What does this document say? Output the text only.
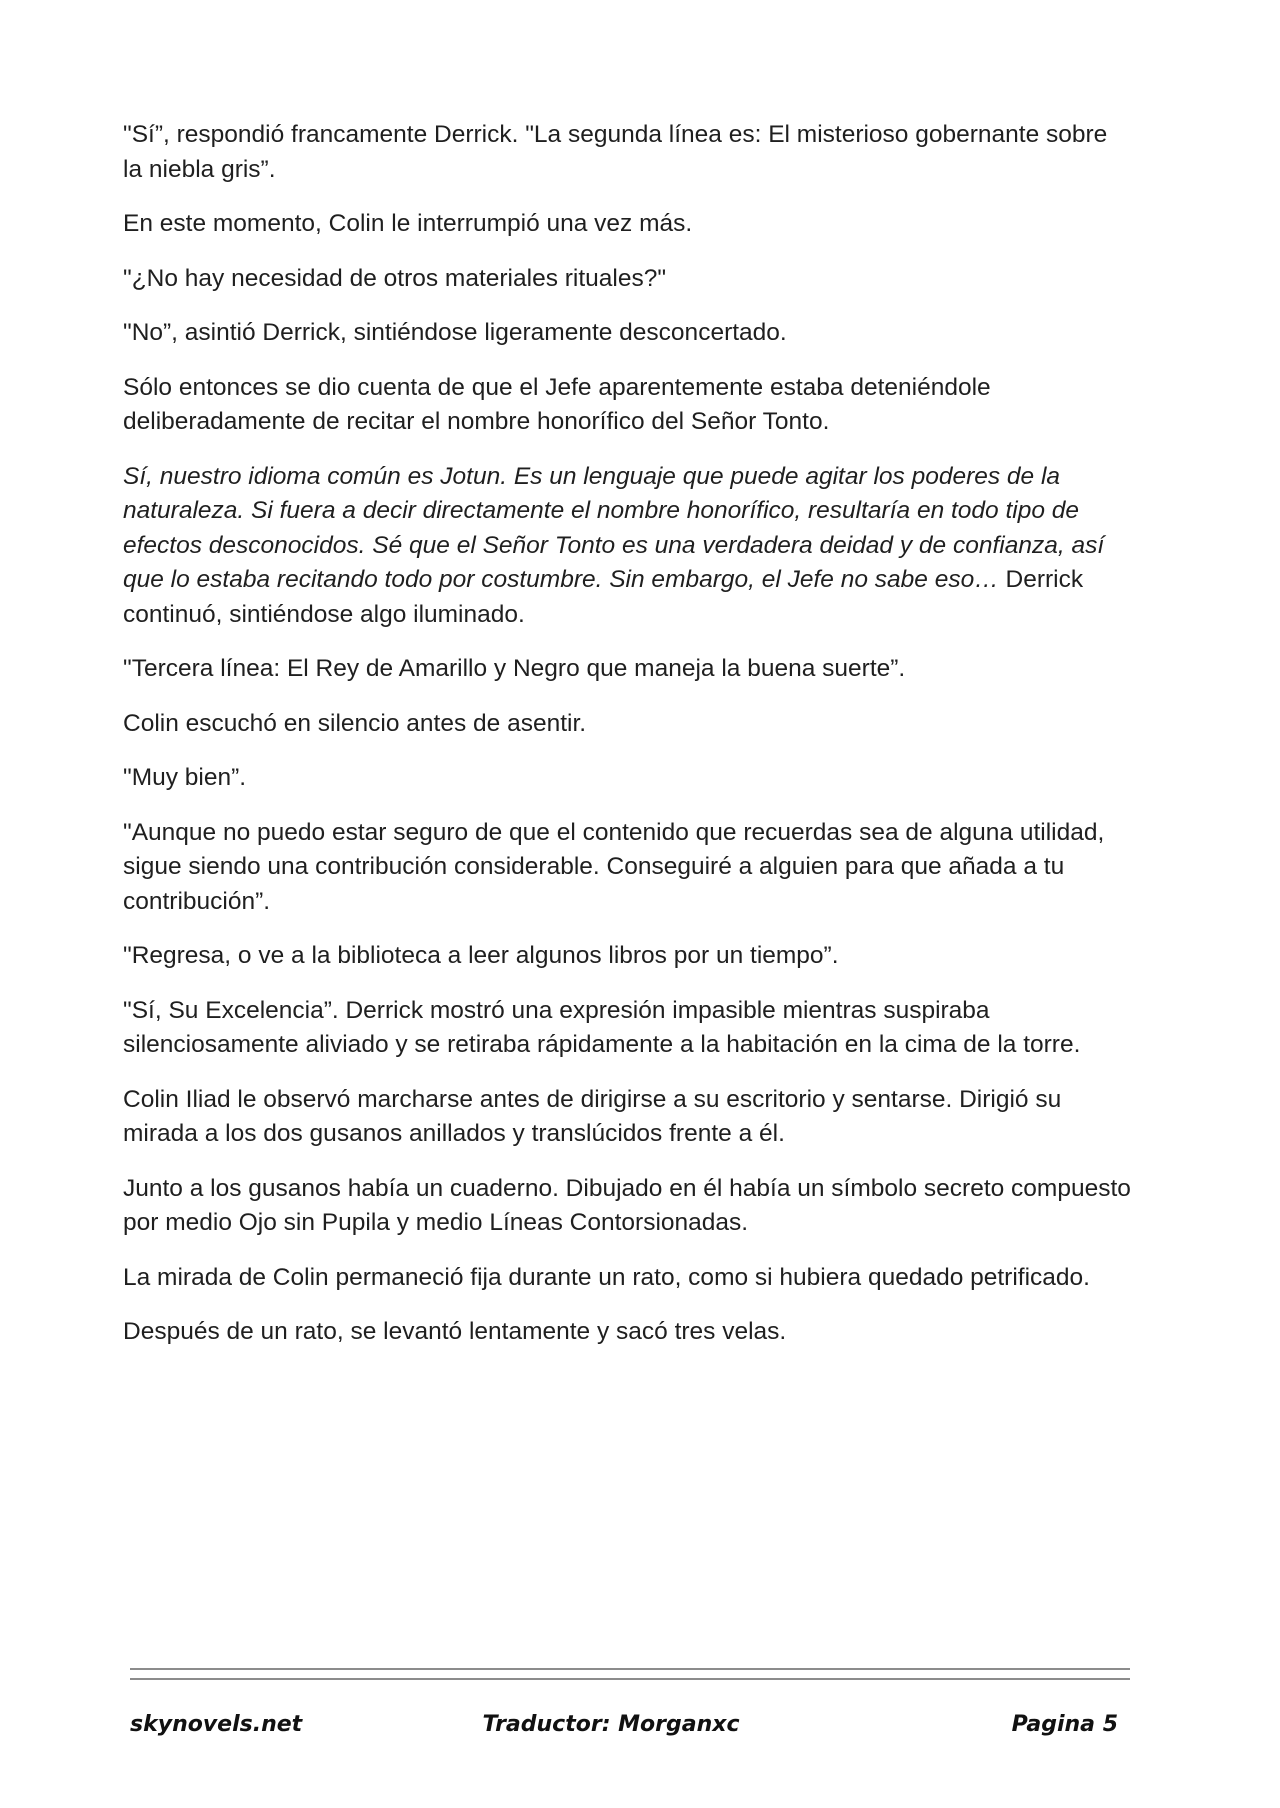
"Sí”, respondió francamente Derrick. "La segunda línea es: El misterioso gobernante sobre la niebla gris”.

En este momento, Colin le interrumpió una vez más.

"¿No hay necesidad de otros materiales rituales?"

"No”, asintió Derrick, sintiéndose ligeramente desconcertado.

Sólo entonces se dio cuenta de que el Jefe aparentemente estaba deteniéndole deliberadamente de recitar el nombre honorífico del Señor Tonto.

Sí, nuestro idioma común es Jotun. Es un lenguaje que puede agitar los poderes de la naturaleza. Si fuera a decir directamente el nombre honorífico, resultaría en todo tipo de efectos desconocidos. Sé que el Señor Tonto es una verdadera deidad y de confianza, así que lo estaba recitando todo por costumbre. Sin embargo, el Jefe no sabe eso… Derrick continuó, sintiéndose algo iluminado.

"Tercera línea: El Rey de Amarillo y Negro que maneja la buena suerte”.

Colin escuchó en silencio antes de asentir.

"Muy bien”.

"Aunque no puedo estar seguro de que el contenido que recuerdas sea de alguna utilidad, sigue siendo una contribución considerable. Conseguiré a alguien para que añada a tu contribución”.

"Regresa, o ve a la biblioteca a leer algunos libros por un tiempo”.

"Sí, Su Excelencia”. Derrick mostró una expresión impasible mientras suspiraba silenciosamente aliviado y se retiraba rápidamente a la habitación en la cima de la torre.

Colin Iliad le observó marcharse antes de dirigirse a su escritorio y sentarse. Dirigió su mirada a los dos gusanos anillados y translúcidos frente a él.

Junto a los gusanos había un cuaderno. Dibujado en él había un símbolo secreto compuesto por medio Ojo sin Pupila y medio Líneas Contorsionadas.

La mirada de Colin permaneció fija durante un rato, como si hubiera quedado petrificado.

Después de un rato, se levantó lentamente y sacó tres velas.

skynovels.net	Traductor: Morganxc	Pagina 5
